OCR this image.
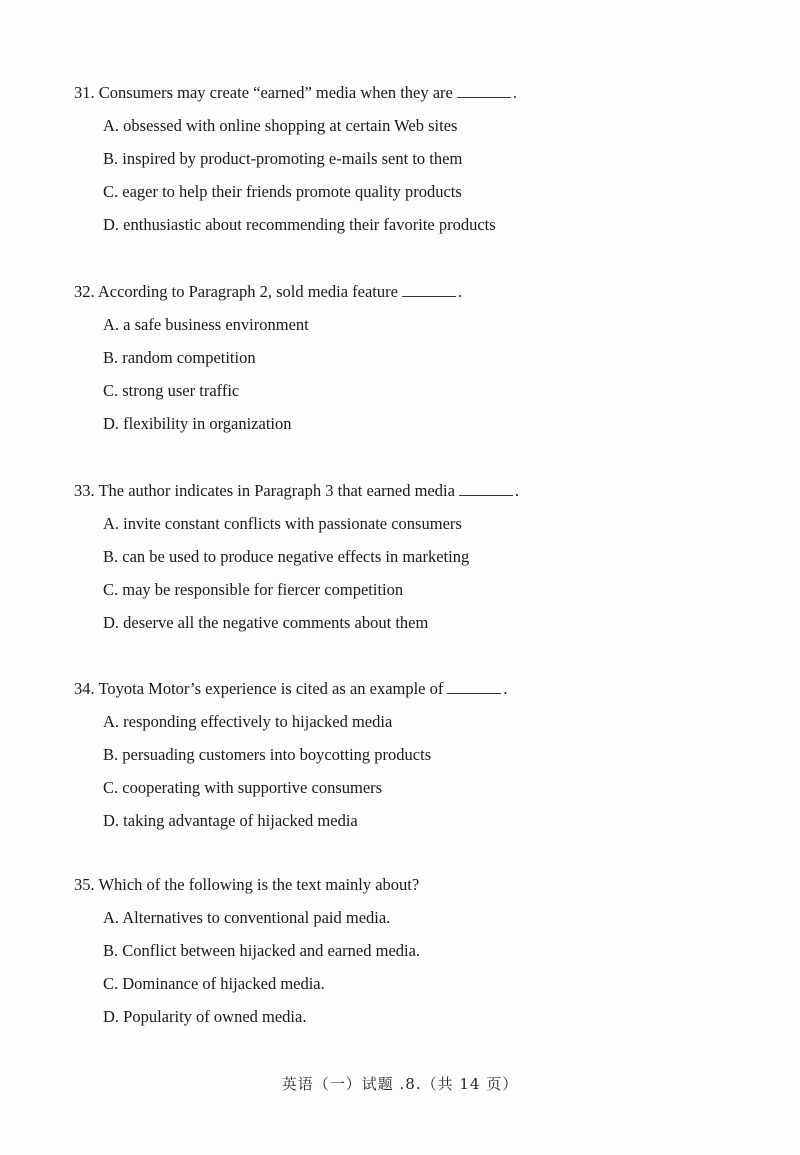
31. Consumers may create “earned” media when they are	.
A. obsessed with online shopping at certain Web sites
B. inspired by product-promoting e-mails sent to them
C. eager to help their friends promote quality products
D. enthusiastic about recommending their favorite products
32. According to Paragraph 2, sold media feature	.
A. a safe business environment
B. random competition
C. strong user traffic
D. flexibility in organization
33. The author indicates in Paragraph 3 that earned media	.
A. invite constant conflicts with passionate consumers
B. can be used to produce negative effects in marketing
C. may be responsible for fiercer competition
D. deserve all the negative comments about them
34. Toyota Motor’s experience is cited as an example of	.
A. responding effectively to hijacked media
B. persuading customers into boycotting products
C. cooperating with supportive consumers
D. taking advantage of hijacked media
35. Which of the following is the text mainly about?
A. Alternatives to conventional paid media.
B. Conflict between hijacked and earned media.
C. Dominance of hijacked media.
D. Popularity of owned media.
英语（一）试题 .8.（共 14 页）
